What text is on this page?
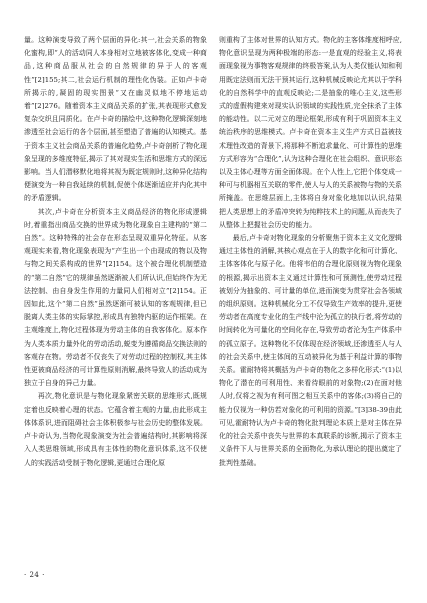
量。这种演变导致了两个层面的异化:其一,社会关系的物象化蜜构,即“人的活动同人本身相对立地被客体化,变成一种商品,这种商品服从社会的自然规律的异于人的客观性”[2]155;其二,社会运行机制的理性化伪装。正如卢卡奇所揭示的,凝固的现实图景“又在幽灵似地不停地运动着”[2]276。随着资本主义商品关系的扩张,其表现形式愈发复杂交织且同质化。在卢卡奇的描绘中,这种物化逻辑深刻地渗透至社会运行的各个层面,甚至塑造了普遍的认知模式。基于资本主义社会商品关系的普遍化趋势,卢卡奇剖析了物化现象呈现的多维度特征,揭示了其对现实生活和思维方式的深远影响。当人们潜移默化地将其视为既定规则时,这种异化结构便演变为一种自我延续的机制,促使个体逐渐适应并内化其中的矛盾逻辑。

其次,卢卡奇在分析资本主义商品经济的物化形成逻辑时,着重指出商品交换的世界成为物化现象自主建构的“第二自然”。这种特殊的社会存在形态呈现双重异化特征。从客观现实来看,物化现象表现为“产生出一个由现成的物以及物与物之间关系构成的世界”[2]154。这个被合理化机制塑造的“第二自然”它的规律虽然逐渐被人们所认识,但始终作为无法控制、由自身发生作用的力量同人们相对立”[2]154。正因如此,这个“第二自然”虽然逐渐可被认知的客观规律,但已脱离人类主体的实际掌控,形成具有独特内驱的运作框架。在主观维度上,物化过程体现为劳动主体的自我客体化。原本作为人类本质力量外化的劳动活动,蜕变为遵循商品交换法则的客观存在物。劳动者不仅丧失了对劳动过程的控制权,其主体性更被商品经济的可计算性原则消解,最终导致人的活动成为独立于自身的异己力量。

再次,物化意识是与物化现象紧密关联的思维形式,既规定着也反映着心理的状态。它蕴含着主观的力量,由此形成主体体系识,进而阻碍社会主体积极参与社会历史的整体发展。卢卡奇认为,当物化现象演变为社会普遍结构时,其影响将深入人类思维领域,形成具有主体性的物化意识体系,这不仅使人的实践活动受制于物化逻辑,更通过合理化原

则重构了主体对世界的认知方式。物化的主客体维度相呼应,物化意识呈现为两种极端的形态:一是直观的经验主义,将表面现象视为事物客观规律的终极答案,认为人类仅能认知和利用既定法则而无法干预其运行,这种机械反映论尤其以于学科化的自然科学中的直观反映论;二是抽象的唯心主义,这些形式的虚假构建来对现实认识领域的实践性质,完全抹杀了主体的能动性。以二元对立的理论框架,形成有利于巩固资本主义统治秩序的思维模式。卢卡奇在资本主义生产方式日益被技术理性改造的背景下,将那种不断追求量化、可计算性的思维方式形容为“合理化”,认为这种合理化在社会组织、意识形态以及主体心理等方面全面体现。在个人性上,它把个体变成一种可与机器相互关联的零件,使人与人的关系被物与物的关系所掩盖。在思维层面上,主体将自身对象化地加以认识,结果把人类思想上的矛盾冲突转为纯粹技术上的问题,从而丧失了从整体上把握社会历史的能力。

最后,卢卡奇对物化现象的分析聚焦于资本主义文化逻辑通过主体性的消解,其核心观点在于人的数字化和可计算化、主体客体化与原子化。他将韦伯的合理化原则视为物化现象的根源,揭示出资本主义通过计算性和可预测性,使劳动过程被划分为抽象的、可计量的单位,进而演变为贯穿社会各领域的组织原则。这种机械化分工不仅导致生产效率的提升,更使劳动者在高度专业化的生产线中沦为孤立的执行者,将劳动的时间转化为可量化的空间化存在,导致劳动者沦为生产体系中的孤立原子。这种物化不仅体现在经济领域,还渗透至人与人的社会关系中,使主体间的互动被异化为基于利益计算的事物关系。霍耐特将其概括为卢卡奇的物化之多样化形式:“(1)以物化了潜在的可利用性、来看待眼前的对象物;(2)在面对他人时,仅将之视为有利可图之相互关系中的客体;(3)将自己的能力仅视为一种仿若对象化的可利用的资源。”[3]38-39由此可见,霍耐特认为卢卡奇的物化批判理论本质上是对主体在异化的社会关系中丧失与世界的本真联系的诊断,揭示了资本主义条件下人与世界关系的全面物化,为承认理论的提出奠定了批判性基础。

· 24 ·
